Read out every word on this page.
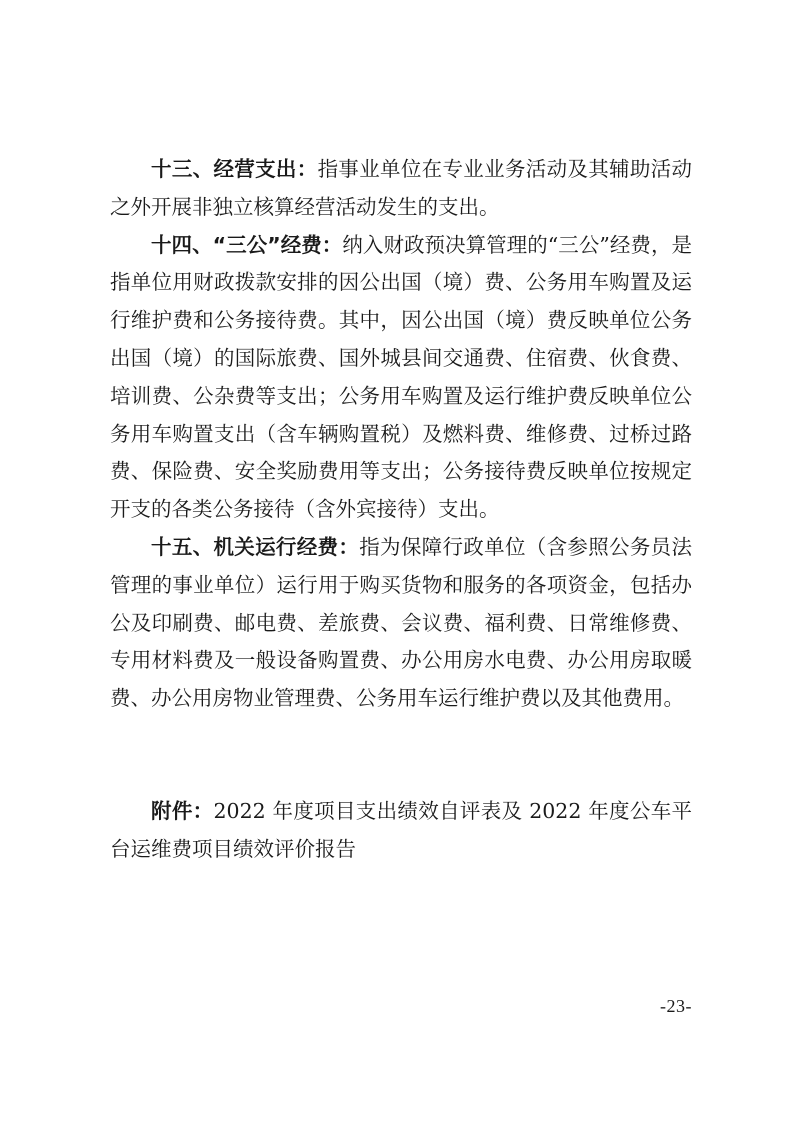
十三、经营支出：指事业单位在专业业务活动及其辅助活动之外开展非独立核算经营活动发生的支出。

十四、“三公”经费：纳入财政预决算管理的“三公”经费，是指单位用财政拨款安排的因公出国（境）费、公务用车购置及运行维护费和公务接待费。其中，因公出国（境）费反映单位公务出国（境）的国际旅费、国外城县间交通费、住宿费、伙食费、培训费、公杂费等支出；公务用车购置及运行维护费反映单位公务用车购置支出（含车辆购置税）及燃料费、维修费、过桥过路费、保险费、安全奖励费用等支出；公务接待费反映单位按规定开支的各类公务接待（含外宾接待）支出。

十五、机关运行经费：指为保障行政单位（含参照公务员法管理的事业单位）运行用于购买货物和服务的各项资金，包括办公及印刷费、邮电费、差旅费、会议费、福利费、日常维修费、专用材料费及一般设备购置费、办公用房水电费、办公用房取暖费、办公用房物业管理费、公务用车运行维护费以及其他费用。

附件：2022 年度项目支出绩效自评表及 2022 年度公车平台运维费项目绩效评价报告

-23-
